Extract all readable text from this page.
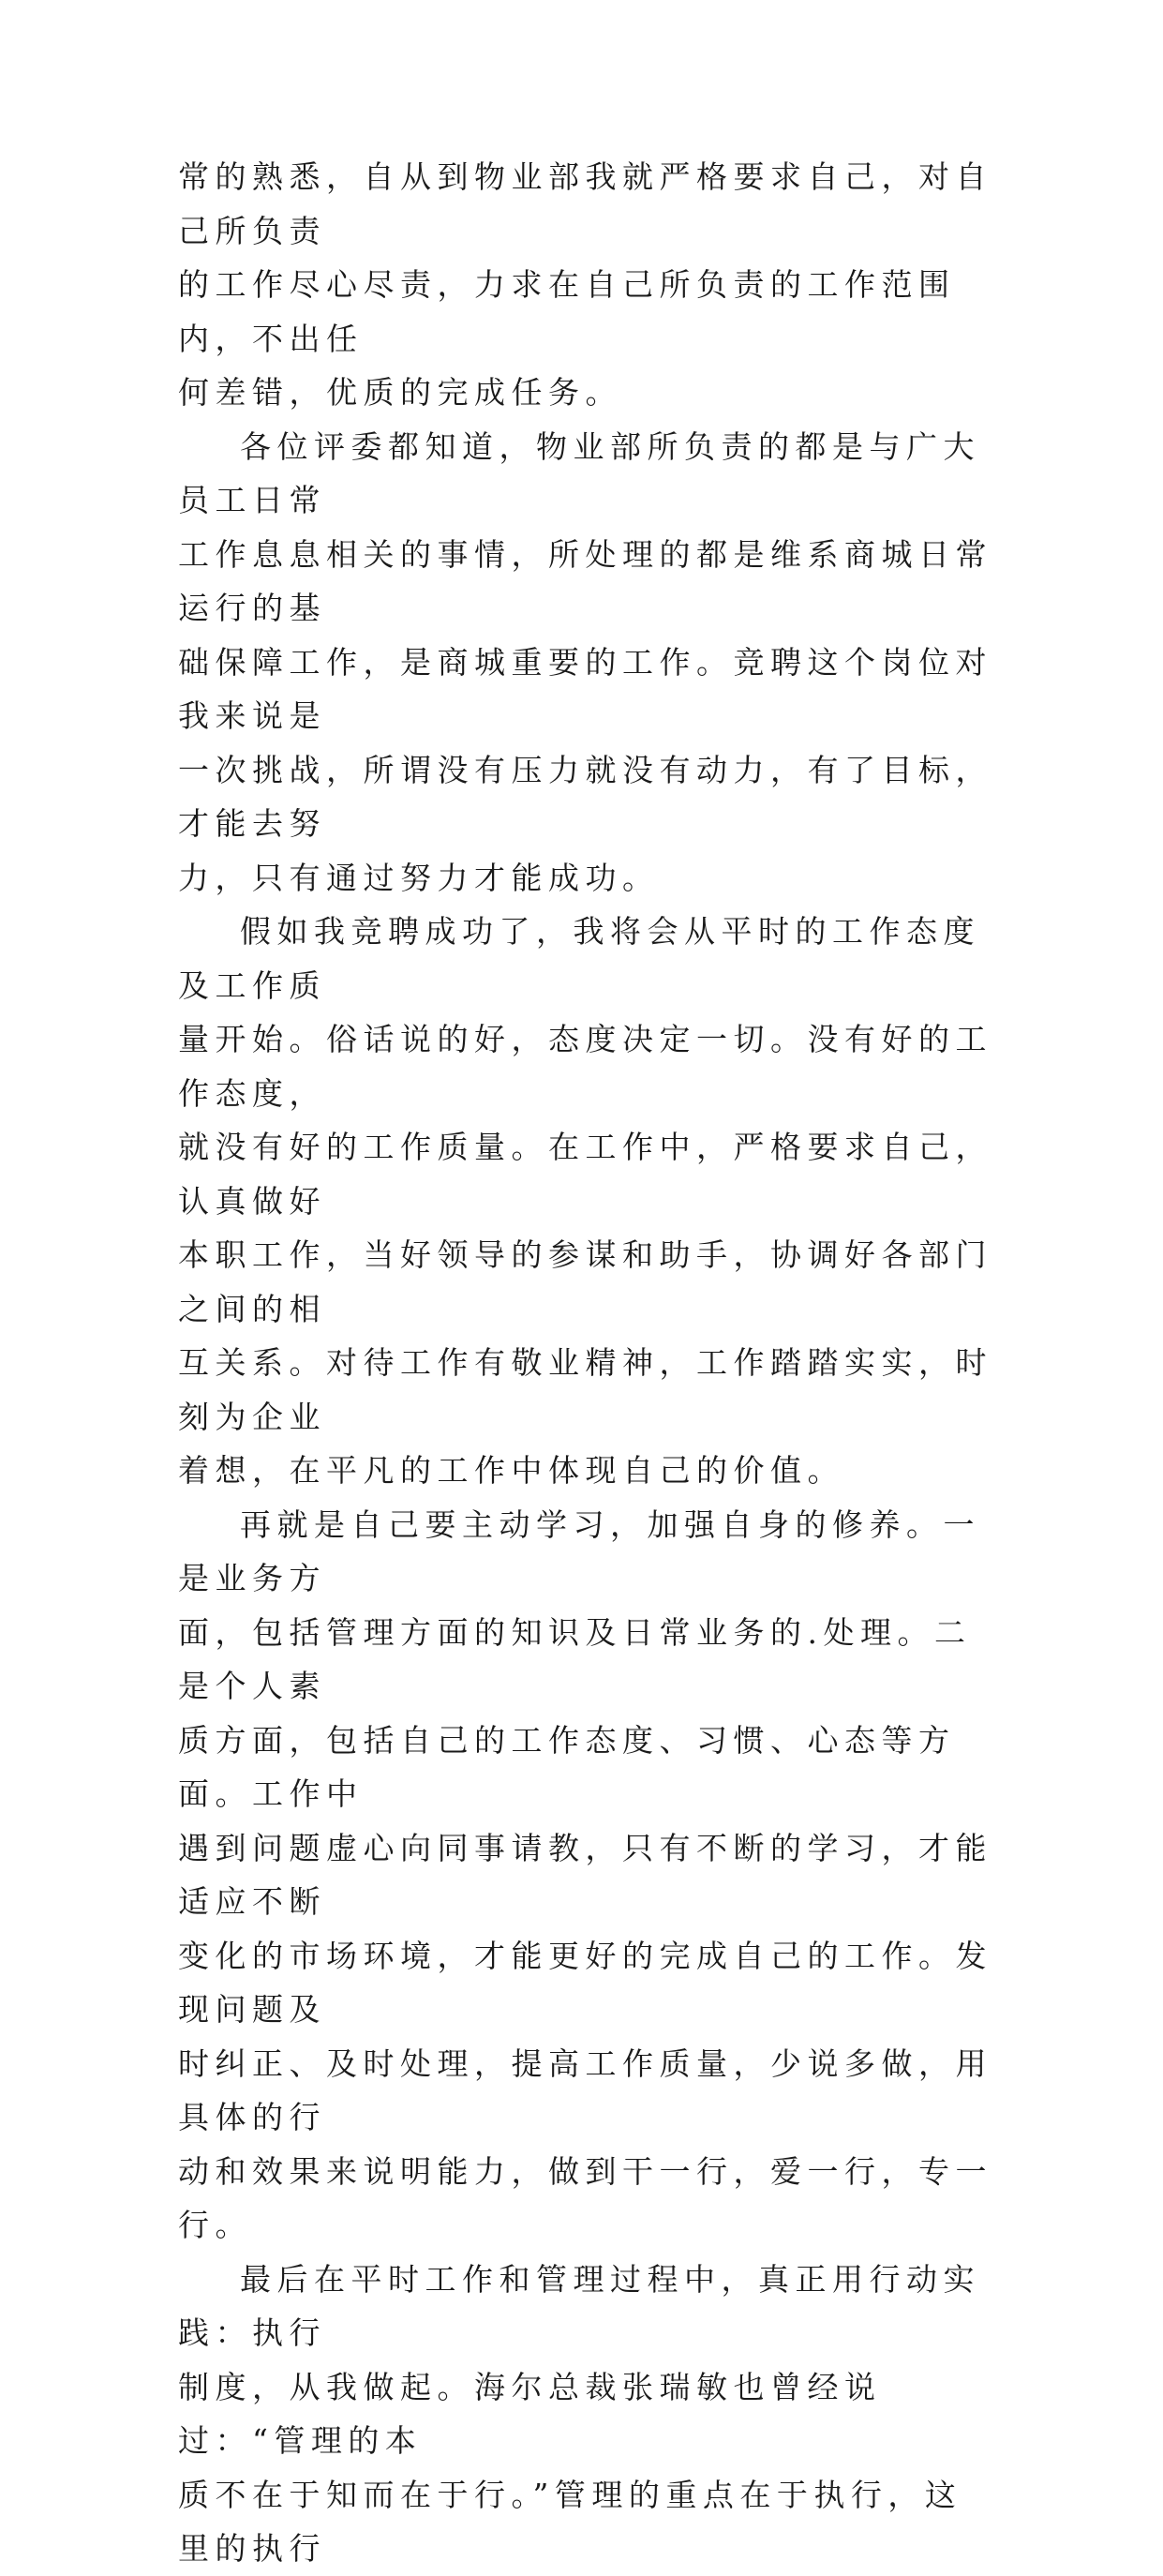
常的熟悉，自从到物业部我就严格要求自己，对自己所负责
的工作尽心尽责，力求在自己所负责的工作范围内，不出任
何差错，优质的完成任务。

各位评委都知道，物业部所负责的都是与广大员工日常
工作息息相关的事情，所处理的都是维系商城日常运行的基
础保障工作，是商城重要的工作。竞聘这个岗位对我来说是
一次挑战，所谓没有压力就没有动力，有了目标，才能去努
力，只有通过努力才能成功。

假如我竞聘成功了，我将会从平时的工作态度及工作质
量开始。俗话说的好，态度决定一切。没有好的工作态度，
就没有好的工作质量。在工作中，严格要求自己，认真做好
本职工作，当好领导的参谋和助手，协调好各部门之间的相
互关系。对待工作有敬业精神，工作踏踏实实，时刻为企业
着想，在平凡的工作中体现自己的价值。

再就是自己要主动学习，加强自身的修养。一是业务方
面，包括管理方面的知识及日常业务的.处理。二是个人素
质方面，包括自己的工作态度、习惯、心态等方面。工作中
遇到问题虚心向同事请教，只有不断的学习，才能适应不断
变化的市场环境，才能更好的完成自己的工作。发现问题及
时纠正、及时处理，提高工作质量，少说多做，用具体的行
动和效果来说明能力，做到干一行，爱一行，专一行。

最后在平时工作和管理过程中，真正用行动实践：执行
制度，从我做起。海尔总裁张瑞敏也曾经说过：“管理的本
质不在于知而在于行。”管理的重点在于执行，这里的执行
